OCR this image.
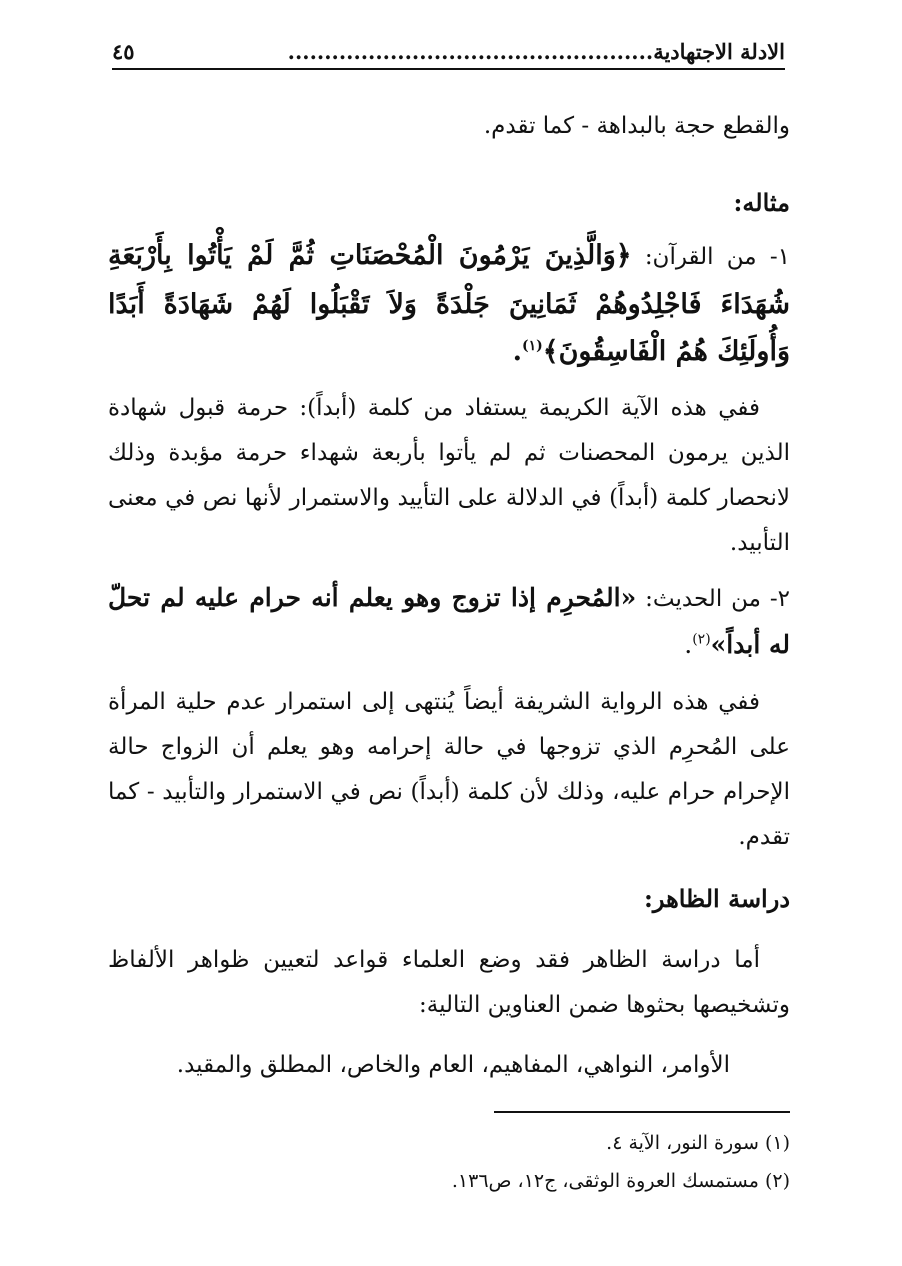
الادلة الاجتهادية..................................................
٤٥
والقطع حجة بالبداهة - كما تقدم.
مثاله:
١- من القرآن: ﴿وَالَّذِينَ يَرْمُونَ الْمُحْصَنَاتِ ثُمَّ لَمْ يَأْتُوا بِأَرْبَعَةِ شُهَدَاءَ فَاجْلِدُوهُمْ ثَمَانِينَ جَلْدَةً وَلاَ تَقْبَلُوا لَهُمْ شَهَادَةً أَبَدًا وَأُولَئِكَ هُمُ الْفَاسِقُونَ﴾$^{(١)}$.
ففي هذه الآية الكريمة يستفاد من كلمة (أبداً): حرمة قبول شهادة الذين يرمون المحصنات ثم لم يأتوا بأربعة شهداء حرمة مؤبدة وذلك لانحصار كلمة (أبداً) في الدلالة على التأييد والاستمرار لأنها نص في معنى التأبيد.
٢- من الحديث: «المُحرِم إذا تزوج وهو يعلم أنه حرام عليه لم تحلّ له أبداً»$^{(٢)}$.
ففي هذه الرواية الشريفة أيضاً يُنتهى إلى استمرار عدم حلية المرأة على المُحرِم الذي تزوجها في حالة إحرامه وهو يعلم أن الزواج حالة الإحرام حرام عليه، وذلك لأن كلمة (أبداً) نص في الاستمرار والتأبيد - كما تقدم.
دراسة الظاهر:
أما دراسة الظاهر فقد وضع العلماء قواعد لتعيين ظواهر الألفاظ وتشخيصها بحثوها ضمن العناوين التالية:
الأوامر، النواهي، المفاهيم، العام والخاص، المطلق والمقيد.
(١) سورة النور، الآية ٤.
(٢) مستمسك العروة الوثقى، ج١٢، ص١٣٦.
